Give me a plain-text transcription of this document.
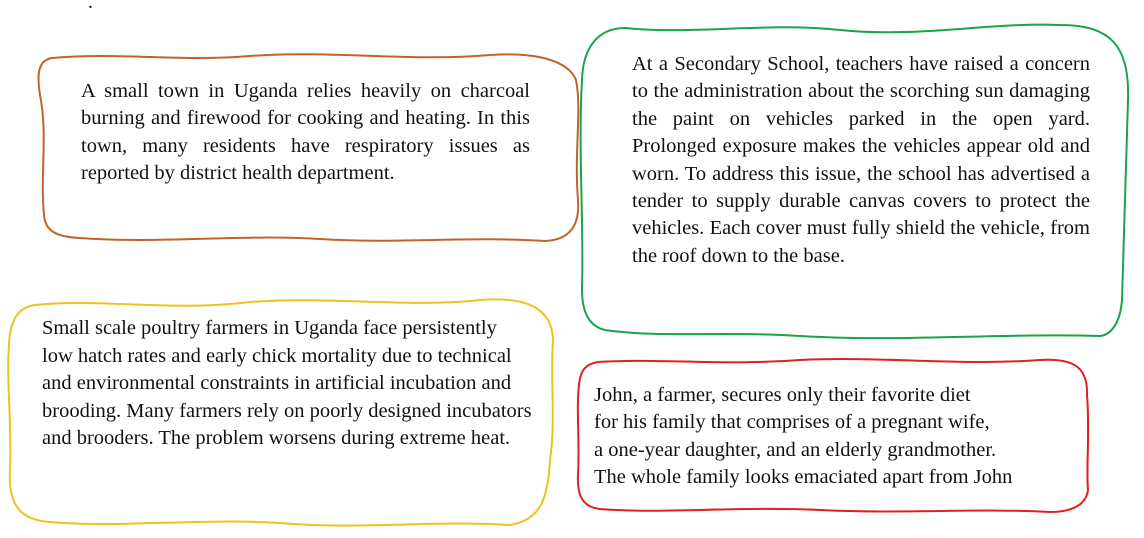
.

A small town in Uganda relies heavily on charcoal burning and firewood for cooking and heating. In this town, many residents have respiratory issues as reported by district health department.

At a Secondary School, teachers have raised a concern to the administration about the scorching sun damaging the paint on vehicles parked in the open yard. Prolonged exposure makes the vehicles appear old and worn. To address this issue, the school has advertised a tender to supply durable canvas covers to protect the vehicles. Each cover must fully shield the vehicle, from the roof down to the base.

Small scale poultry farmers in Uganda face persistently low hatch rates and early chick mortality due to technical and environmental constraints in artificial incubation and brooding. Many farmers rely on poorly designed incubators and brooders. The problem worsens during extreme heat.

John, a farmer, secures only their favorite diet
for his family that comprises of a pregnant wife,
a one-year daughter, and an elderly grandmother.
The whole family looks emaciated apart from John
